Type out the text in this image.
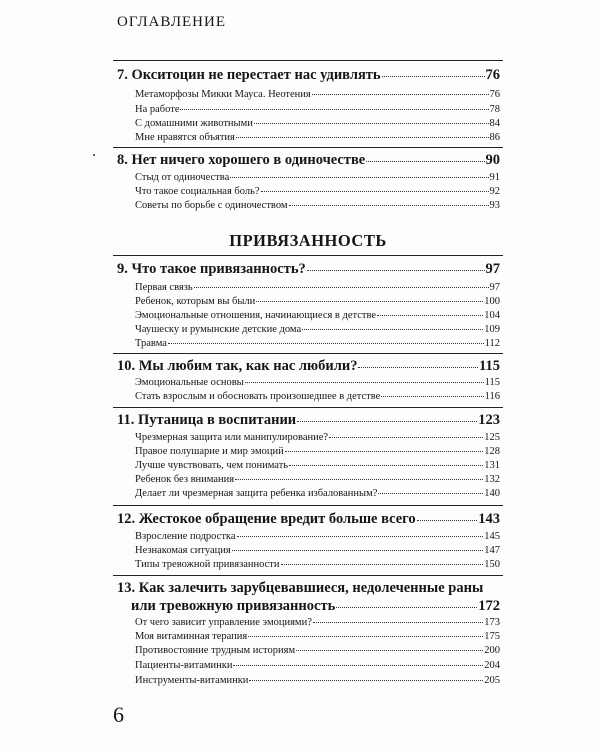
ОГЛАВЛЕНИЕ
7. Окситоцин не перестает нас удивлять	76
Метаморфозы Микки Мауса. Неотения	76
На работе	78
С домашними животными	84
Мне нравятся объятия	86
8. Нет ничего хорошего в одиночестве	90
Стыд от одиночества	91
Что такое социальная боль?	92
Советы по борьбе с одиночеством	93
ПРИВЯЗАННОСТЬ
9. Что такое привязанность?	97
Первая связь	97
Ребенок, которым вы были	100
Эмоциональные отношения, начинающиеся в детстве	104
Чаушеску и румынские детские дома	109
Травма	112
10. Мы любим так, как нас любили?	115
Эмоциональные основы	115
Стать взрослым и обосновать произошедшее в детстве	116
11. Путаница в воспитании	123
Чрезмерная защита или манипулирование?	125
Правое полушарие и мир эмоций	128
Лучше чувствовать, чем понимать	131
Ребенок без внимания	132
Делает ли чрезмерная защита ребенка избалованным?	140
12. Жестокое обращение вредит больше всего	143
Взросление подростка	145
Незнакомая ситуация	147
Типы тревожной привязанности	150
13. Как залечить зарубцевавшиеся, недолеченные раны
или тревожную привязанность	172
От чего зависит управление эмоциями?	173
Моя витаминная терапия	175
Противостояние трудным историям	200
Пациенты-витаминки	204
Инструменты-витаминки	205
6
